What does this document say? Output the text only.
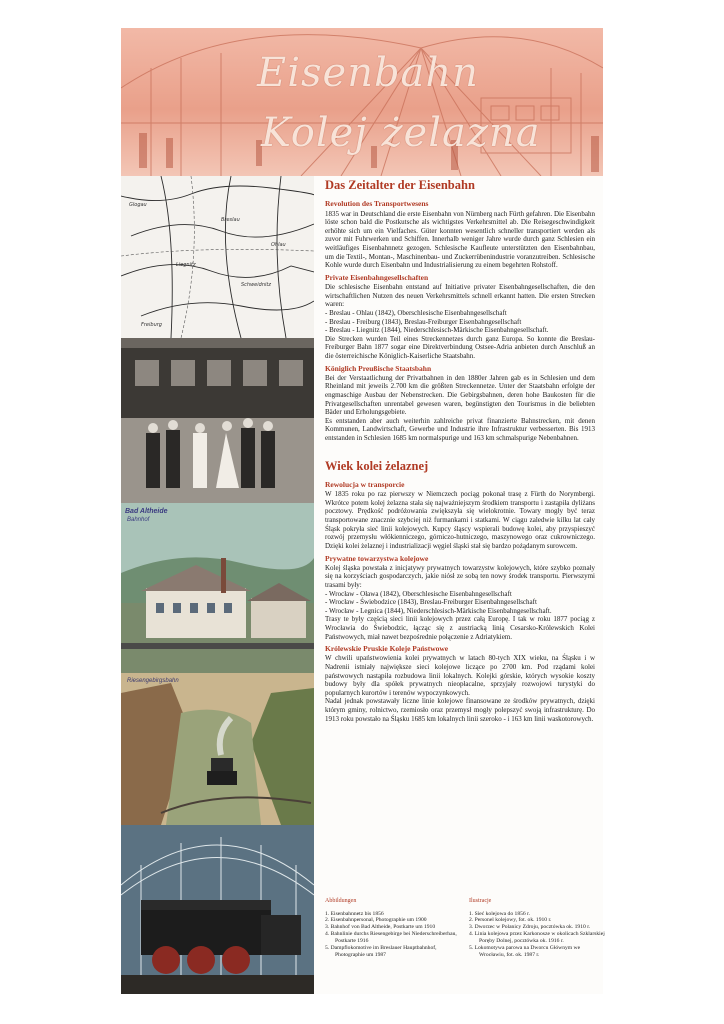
Eisenbahn
Kolej żelazna
Glogau
Breslau
Liegnitz
Schweidnitz
Freiburg
Ohlau
Bad Altheide
Bahnhof
Riesengebirgsbahn
Das Zeitalter der Eisenbahn
Revolution des Transportwesens

1835 war in Deutschland die erste Eisenbahn von Nürnberg nach Fürth gefahren. Die Eisenbahn löste schon bald die Postkutsche als wichtigstes Verkehrsmittel ab. Die Reisegeschwindigkeit erhöhte sich um ein Vielfaches. Güter konnten wesentlich schneller transportiert werden als zuvor mit Fuhrwerken und Schiffen. Innerhalb weniger Jahre wurde durch ganz Schlesien ein weitläufiges Eisenbahnnetz gezogen. Schlesische Kaufleute unterstützten den Eisenbahnbau, um die Textil-, Montan-, Maschinenbau- und Zuckerrübenindustrie voranzutreiben. Schlesische Kohle wurde durch Eisenbahn und Industrialisierung zu einem begehrten Rohstoff.

Private Eisenbahngesellschaften

Die schlesische Eisenbahn entstand auf Initiative privater Eisenbahngesellschaften, die den wirtschaftlichen Nutzen des neuen Verkehrsmittels schnell erkannt hatten. Die ersten Strecken waren:

- Breslau - Ohlau (1842), Oberschlesische Eisenbahngesellschaft

- Breslau - Freiburg (1843), Breslau-Freiburger Eisenbahngesellschaft

- Breslau - Liegnitz (1844), Niederschlesisch-Märkische Eisenbahngesellschaft.

Die Strecken wurden Teil eines Streckennetzes durch ganz Europa. So konnte die Breslau-Freiburger Bahn 1877 sogar eine Direktverbindung Ostsee-Adria anbieten durch Anschluß an die österreichische Königlich-Kaiserliche Staatsbahn.

Königlich Preußische Staatsbahn

Bei der Verstaatlichung der Privatbahnen in den 1880er Jahren gab es in Schlesien und dem Rheinland mit jeweils 2.700 km die größten Streckennetze. Unter der Staatsbahn erfolgte der engmaschige Ausbau der Nebenstrecken. Die Gebirgsbahnen, deren hohe Baukosten für die Privatgesellschaften unrentabel gewesen waren, begünstigten den Tourismus in die beliebten Bäder und Erholungsgebiete.

Es entstanden aber auch weiterhin zahlreiche privat finanzierte Bahnstrecken, mit denen Kommunen, Landwirtschaft, Gewerbe und Industrie ihre Infrastruktur verbesserten. Bis 1913 entstanden in Schlesien 1685 km normalspurige und 163 km schmalspurige Nebenbahnen.

Wiek kolei żelaznej
Rewolucja w transporcie

W 1835 roku po raz pierwszy w Niemczech pociąg pokonał trasę z Fürth do Norymbergi. Wkrótce potem kolej żelazna stała się najważniejszym środkiem transportu i zastąpiła dyliżans pocztowy. Prędkość podróżowania zwiększyła się wielokrotnie. Towary mogły być teraz transportowane znacznie szybciej niż furmankami i statkami. W ciągu zaledwie kilku lat cały Śląsk pokryła sieć linii kolejowych. Kupcy śląscy wspierali budowę kolei, aby przyspieszyć rozwój przemysłu włókienniczego, górniczo-hutniczego, maszynowego oraz cukrowniczego. Dzięki kolei żelaznej i industrializacji węgiel śląski stał się bardzo pożądanym surowcem.

Prywatne towarzystwa kolejowe

Kolej śląska powstała z inicjatywy prywatnych towarzystw kolejowych, które szybko poznały się na korzyściach gospodarczych, jakie niósł ze sobą ten nowy środek transportu. Pierwszymi trasami były:

- Wrocław - Oława (1842), Oberschlesische Eisenbahngesellschaft

- Wrocław - Świebodzice (1843), Breslau-Freiburger Eisenbahngesellschaft

- Wrocław - Legnica (1844), Niederschlesisch-Märkische Eisenbahngesellschaft.

Trasy te były częścią sieci linii kolejowych przez całą Europę. I tak w roku 1877 pociąg z Wrocławia do Świebodzic, łącząc się z austriacką linią Cesarsko-Królewskich Kolei Państwowych, miał nawet bezpośrednie połączenie z Adriatykiem.

Królewskie Pruskie Koleje Państwowe

W chwili upaństwowienia kolei prywatnych w latach 80-tych XIX wieku, na Śląsku i w Nadrenii istniały największe sieci kolejowe liczące po 2700 km. Pod rządami kolei państwowych nastąpiła rozbudowa linii lokalnych. Kolejki górskie, których wysokie koszty budowy były dla spółek prywatnych nieopłacalne, sprzyjały rozwojowi turystyki do popularnych kurortów i terenów wypoczynkowych.

Nadal jednak powstawały liczne linie kolejowe finansowane ze środków prywatnych, dzięki którym gminy, rolnictwo, rzemiosło oraz przemysł mogły polepszyć swoją infrastrukturę. Do 1913 roku powstało na Śląsku 1685 km lokalnych linii szeroko - i 163 km linii waskotorowych.

Abbildungen
1. Eisenbahnnetz bis 1856
2. Eisenbahnpersonal, Photographie um 1900
3. Bahnhof von Bad Altheide, Postkarte um 1910
4. Bahnlinie durchs Riesengebirge bei Niederschreiberhau, Postkarte 1916
5. Dampflokomotive im Breslauer Hauptbahnhof, Photographie um 1987
Ilustracje
1. Sieć kolejowa do 1856 r.
2. Personel kolejowy, fot. ok. 1910 r.
3. Dworzec w Polanicy Zdroju, pocztówka ok. 1910 r.
4. Linia kolejowa przez Karkonosze w okolicach Szklarskiej Poręby Dolnej, pocztówka ok. 1916 r.
5. Lokomotywa parowa na Dworcu Głównym we Wrocławiu, fot. ok. 1987 r.
